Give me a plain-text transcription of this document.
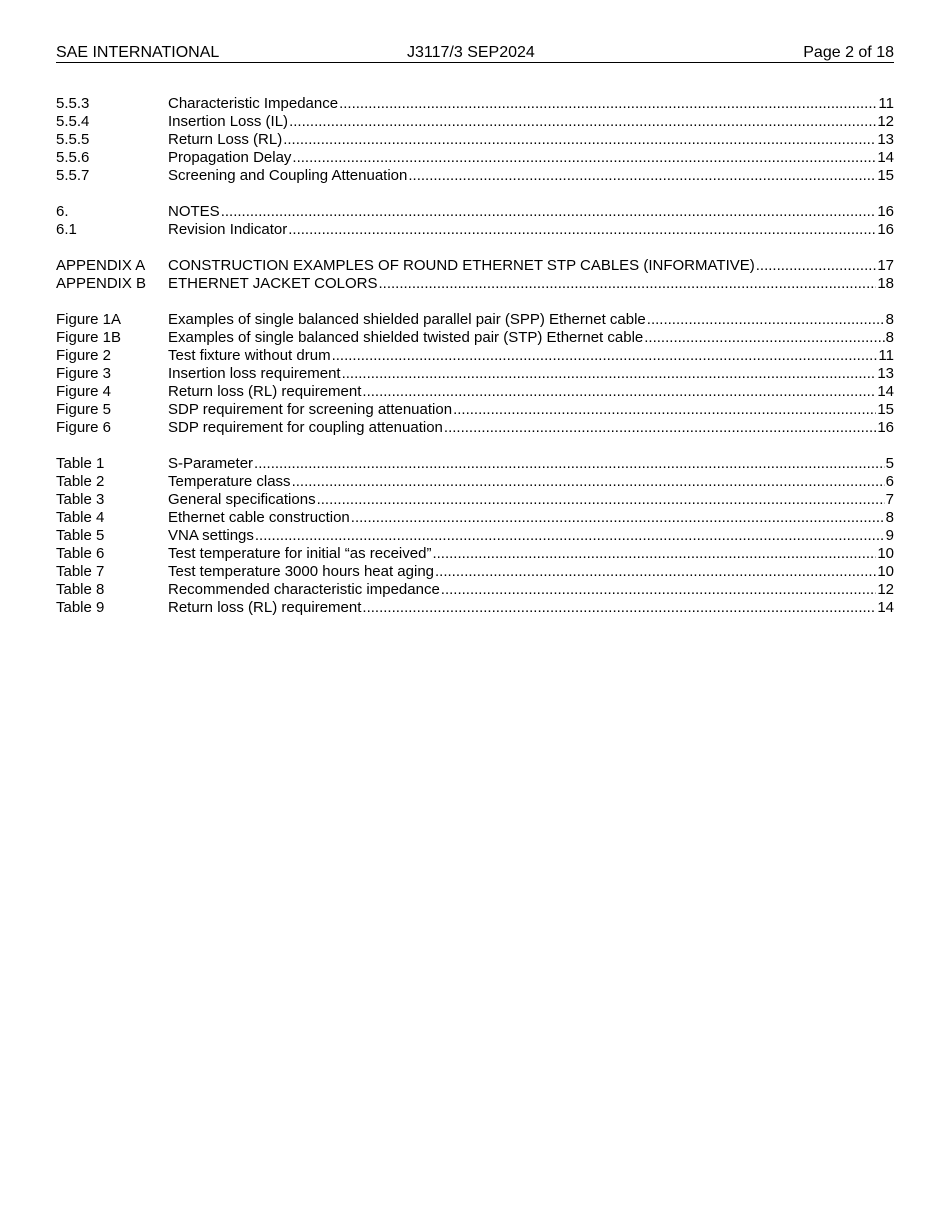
SAE INTERNATIONAL	J3117/3 SEP2024	Page 2 of 18
5.5.3	Characteristic Impedance .....	11
5.5.4	Insertion Loss (IL) .....	12
5.5.5	Return Loss (RL) .....	13
5.5.6	Propagation Delay .....	14
5.5.7	Screening and Coupling Attenuation .....	15
6.	NOTES .....	16
6.1	Revision Indicator .....	16
APPENDIX A	CONSTRUCTION EXAMPLES OF ROUND ETHERNET STP CABLES (INFORMATIVE) .....	17
APPENDIX B	ETHERNET JACKET COLORS .....	18
Figure 1A	Examples of single balanced shielded parallel pair (SPP) Ethernet cable .....	8
Figure 1B	Examples of single balanced shielded twisted pair (STP) Ethernet cable .....	8
Figure 2	Test fixture without drum .....	11
Figure 3	Insertion loss requirement .....	13
Figure 4	Return loss (RL) requirement .....	14
Figure 5	SDP requirement for screening attenuation .....	15
Figure 6	SDP requirement for coupling attenuation .....	16
Table 1	S-Parameter .....	5
Table 2	Temperature class .....	6
Table 3	General specifications .....	7
Table 4	Ethernet cable construction .....	8
Table 5	VNA settings .....	9
Table 6	Test temperature for initial “as received” .....	10
Table 7	Test temperature 3000 hours heat aging .....	10
Table 8	Recommended characteristic impedance .....	12
Table 9	Return loss (RL) requirement .....	14
